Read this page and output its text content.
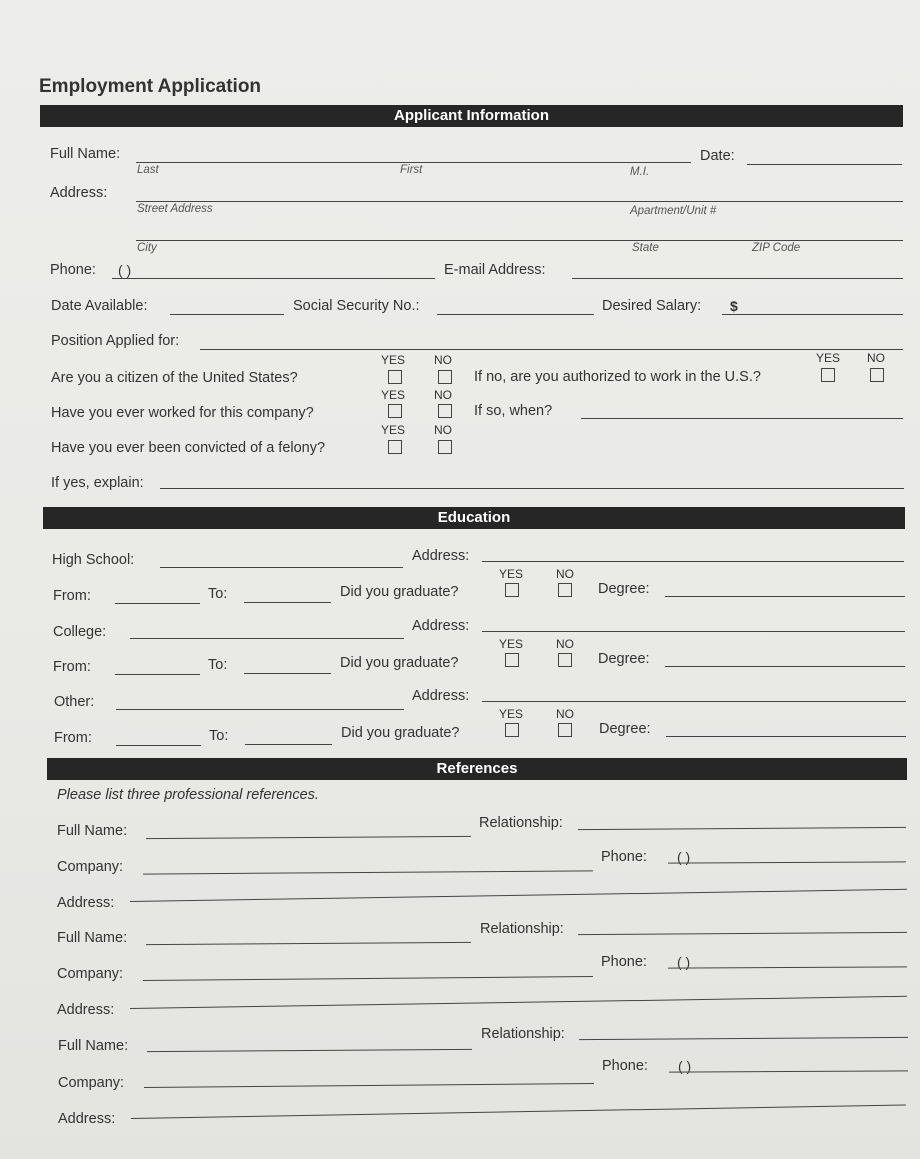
Employment Application
Applicant Information
Full Name:
Last	First	M.I.
Date:
Address:
Street Address	Apartment/Unit #
City	State	ZIP Code
Phone: ( )	E-mail Address:
Date Available:	Social Security No.:	Desired Salary: $
Position Applied for:
YES NO
Are you a citizen of the United States?	If no, are you authorized to work in the U.S.?
YES NO
YES NO
Have you ever worked for this company?	If so, when?
YES NO
Have you ever been convicted of a felony?
If yes, explain:
Education
High School:	Address:
From:	To:	Did you graduate?
YES	NO
Degree:
College:	Address:
From:	To:	Did you graduate?
YES	NO
Degree:
Other:	Address:
From:	To:	Did you graduate?
YES	NO
Degree:
References
Please list three professional references.
Full Name:	Relationship:
Company:
Phone: ( )
Address:
Full Name:
Relationship:
Company:
Phone: ( )
Address:
Full Name:
Relationship:
Company:
Phone: ( )
Address:
